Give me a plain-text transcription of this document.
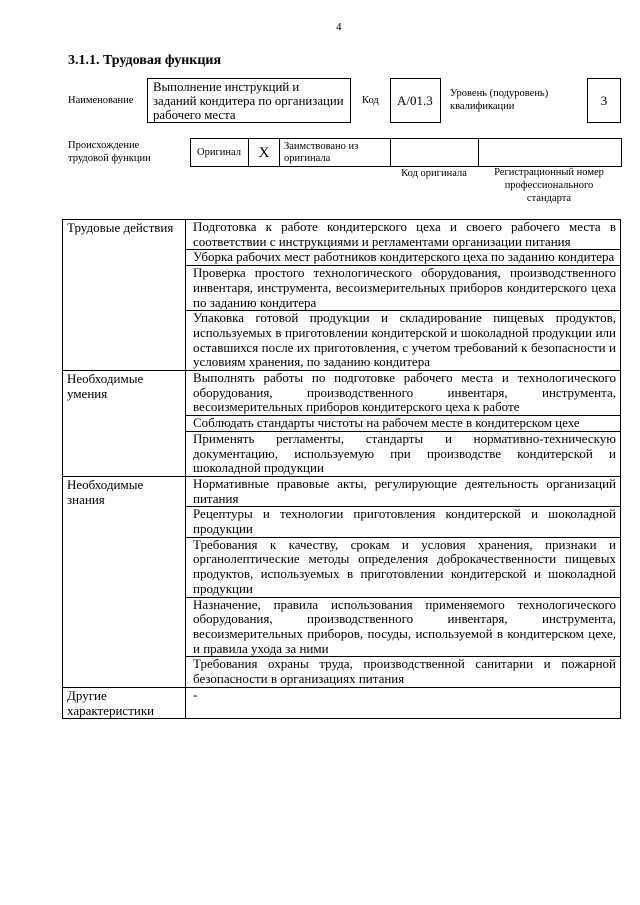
4
3.1.1. Трудовая функция
Наименование
Выполнение инструкций и
заданий кондитера по организации
рабочего места
Код	А/01.3	Уровень (подуровень) квалификации	3
Происхождение трудовой функции
Оригинал	X	Заимствовано из оригинала		
Код оригинала	Регистрационный номер профессионального стандарта
Трудовые действия	Подготовка к работе кондитерского цеха и своего рабочего места в соответствии с инструкциями и регламентами организации питания
	Уборка рабочих мест работников кондитерского цеха по заданию кондитера
	Проверка простого технологического оборудования, производственного инвентаря, инструмента, весоизмерительных приборов кондитерского цеха по заданию кондитера
	Упаковка готовой продукции и складирование пищевых продуктов, используемых в приготовлении кондитерской и шоколадной продукции или оставшихся после их приготовления, с учетом требований к безопасности и условиям хранения, по заданию кондитера
Необходимые умения	Выполнять работы по подготовке рабочего места и технологического оборудования, производственного инвентаря, инструмента, весоизмерительных приборов кондитерского цеха к работе
	Соблюдать стандарты чистоты на рабочем месте в кондитерском цехе
	Применять регламенты, стандарты и нормативно-техническую документацию, используемую при производстве кондитерской и шоколадной продукции
Необходимые знания	Нормативные правовые акты, регулирующие деятельность организаций питания
	Рецептуры и технологии приготовления кондитерской и шоколадной продукции
	Требования к качеству, срокам и условия хранения, признаки и органолептические методы определения доброкачественности пищевых продуктов, используемых в приготовлении кондитерской и шоколадной продукции
	Назначение, правила использования применяемого технологического оборудования, производственного инвентаря, инструмента, весоизмерительных приборов, посуды, используемой в кондитерском цехе, и правила ухода за ними
	Требования охраны труда, производственной санитарии и пожарной безопасности в организациях питания
Другие характеристики	-
